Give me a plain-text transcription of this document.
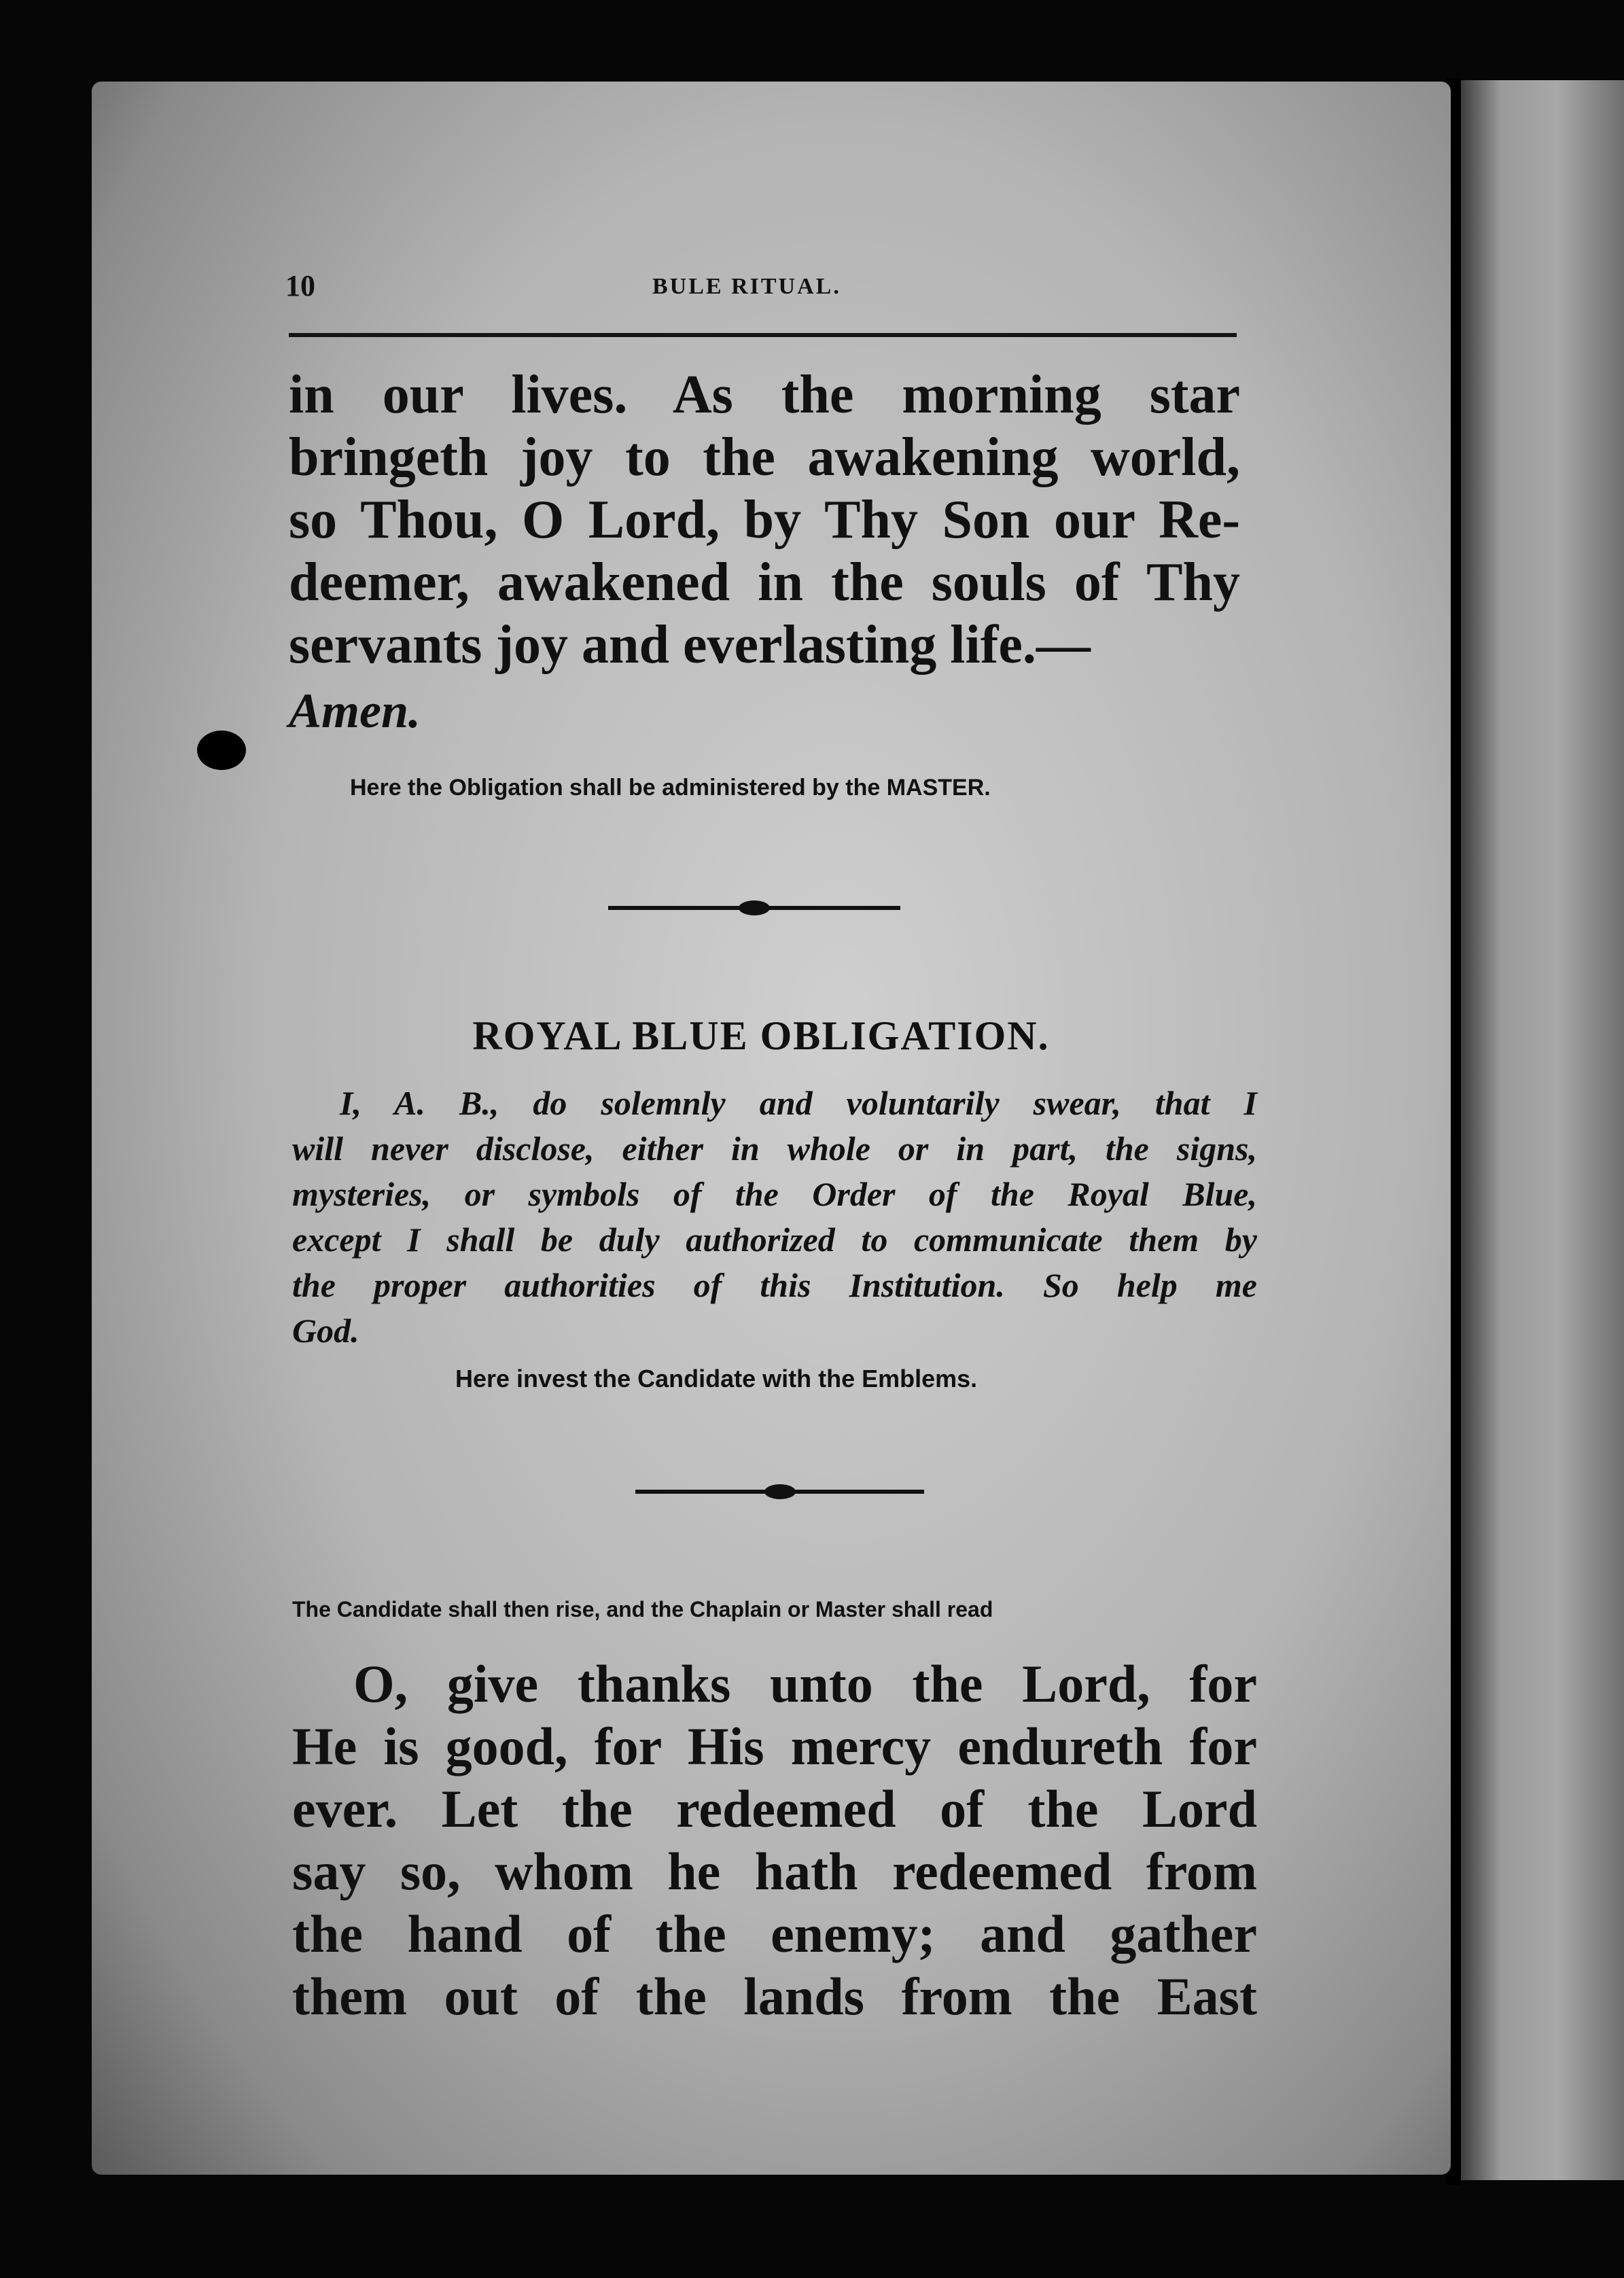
10	BULE RITUAL.
in our lives. As the morning star
bringeth joy to the awakening world,
so Thou, O Lord, by Thy Son our Re-
deemer, awakened in the souls of Thy
servants joy and everlasting life.—
Amen.
Here the Obligation shall be administered by the MASTER.
ROYAL BLUE OBLIGATION.
I, A. B., do solemnly and voluntarily swear, that I
will never disclose, either in whole or in part, the signs,
mysteries, or symbols of the Order of the Royal Blue,
except I shall be duly authorized to communicate them by
the proper authorities of this Institution. So help me
God.
Here invest the Candidate with the Emblems.
The Candidate shall then rise, and the Chaplain or Master shall read
O, give thanks unto the Lord, for
He is good, for His mercy endureth for
ever. Let the redeemed of the Lord
say so, whom he hath redeemed from
the hand of the enemy; and gather
them out of the lands from the East
